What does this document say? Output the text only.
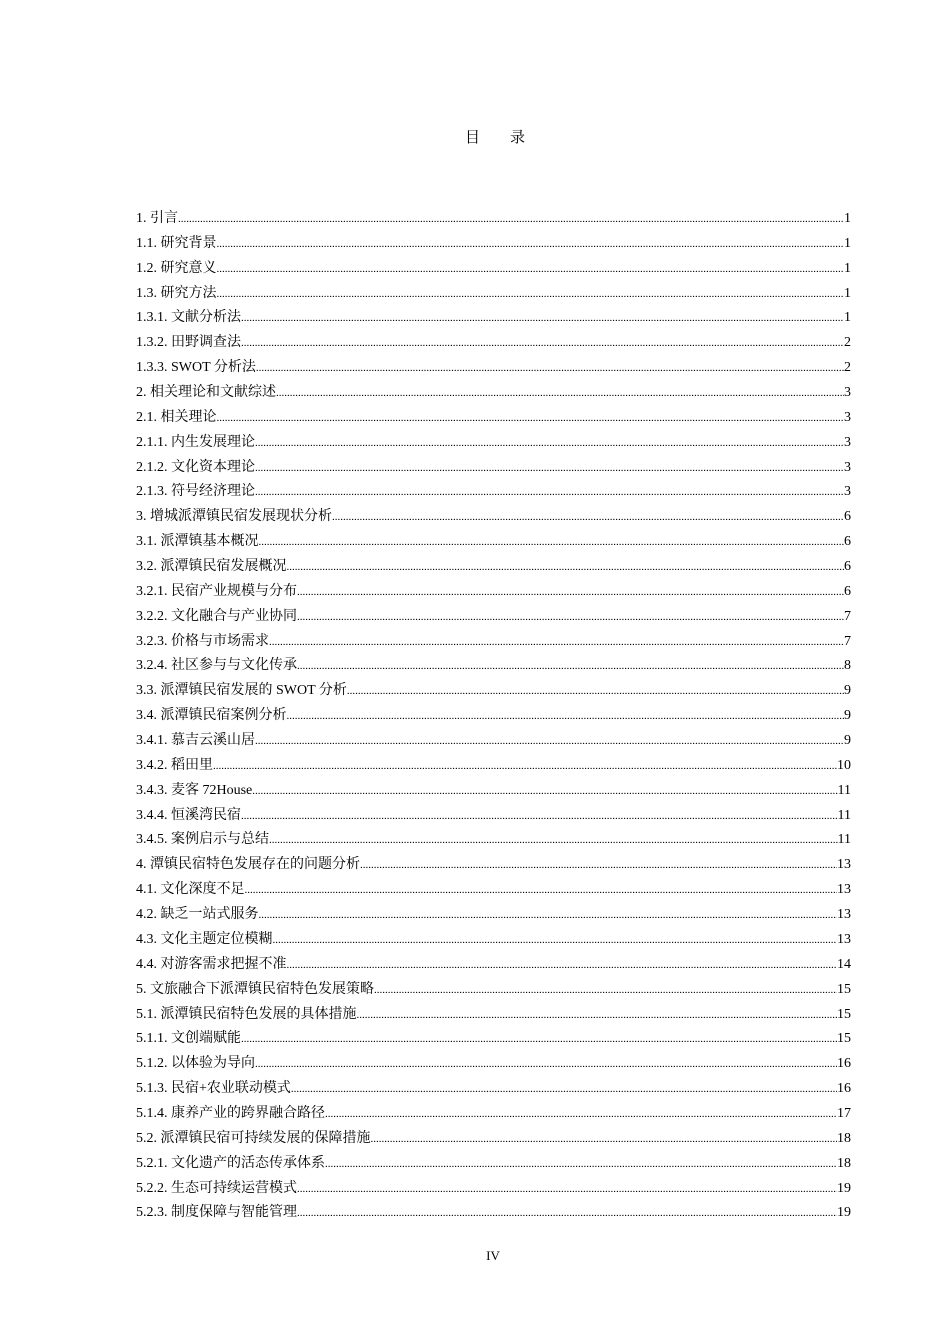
目 录
1. 引言 .....	1
1.1. 研究背景 .....	1
1.2. 研究意义 .....	1
1.3. 研究方法 .....	1
1.3.1. 文献分析法 .....	1
1.3.2. 田野调查法 .....	2
1.3.3. SWOT 分析法 .....	2
2. 相关理论和文献综述 .....	3
2.1. 相关理论 .....	3
2.1.1. 内生发展理论 .....	3
2.1.2. 文化资本理论 .....	3
2.1.3. 符号经济理论 .....	3
3. 增城派潭镇民宿发展现状分析 .....	6
3.1. 派潭镇基本概况 .....	6
3.2. 派潭镇民宿发展概况 .....	6
3.2.1. 民宿产业规模与分布 .....	6
3.2.2. 文化融合与产业协同 .....	7
3.2.3. 价格与市场需求 .....	7
3.2.4. 社区参与与文化传承 .....	8
3.3. 派潭镇民宿发展的 SWOT 分析 .....	9
3.4. 派潭镇民宿案例分析 .....	9
3.4.1. 慕吉云溪山居 .....	9
3.4.2. 稻田里 .....	10
3.4.3. 麦客 72House .....	11
3.4.4. 恒溪湾民宿 .....	11
3.4.5. 案例启示与总结 .....	11
4. 潭镇民宿特色发展存在的问题分析 .....	13
4.1. 文化深度不足 .....	13
4.2. 缺乏一站式服务 .....	13
4.3. 文化主题定位模糊 .....	13
4.4. 对游客需求把握不准 .....	14
5. 文旅融合下派潭镇民宿特色发展策略 .....	15
5.1. 派潭镇民宿特色发展的具体措施 .....	15
5.1.1. 文创端赋能 .....	15
5.1.2. 以体验为导向 .....	16
5.1.3. 民宿+农业联动模式 .....	16
5.1.4. 康养产业的跨界融合路径 .....	17
5.2. 派潭镇民宿可持续发展的保障措施 .....	18
5.2.1. 文化遗产的活态传承体系 .....	18
5.2.2. 生态可持续运营模式 .....	19
5.2.3. 制度保障与智能管理 .....	19
IV
